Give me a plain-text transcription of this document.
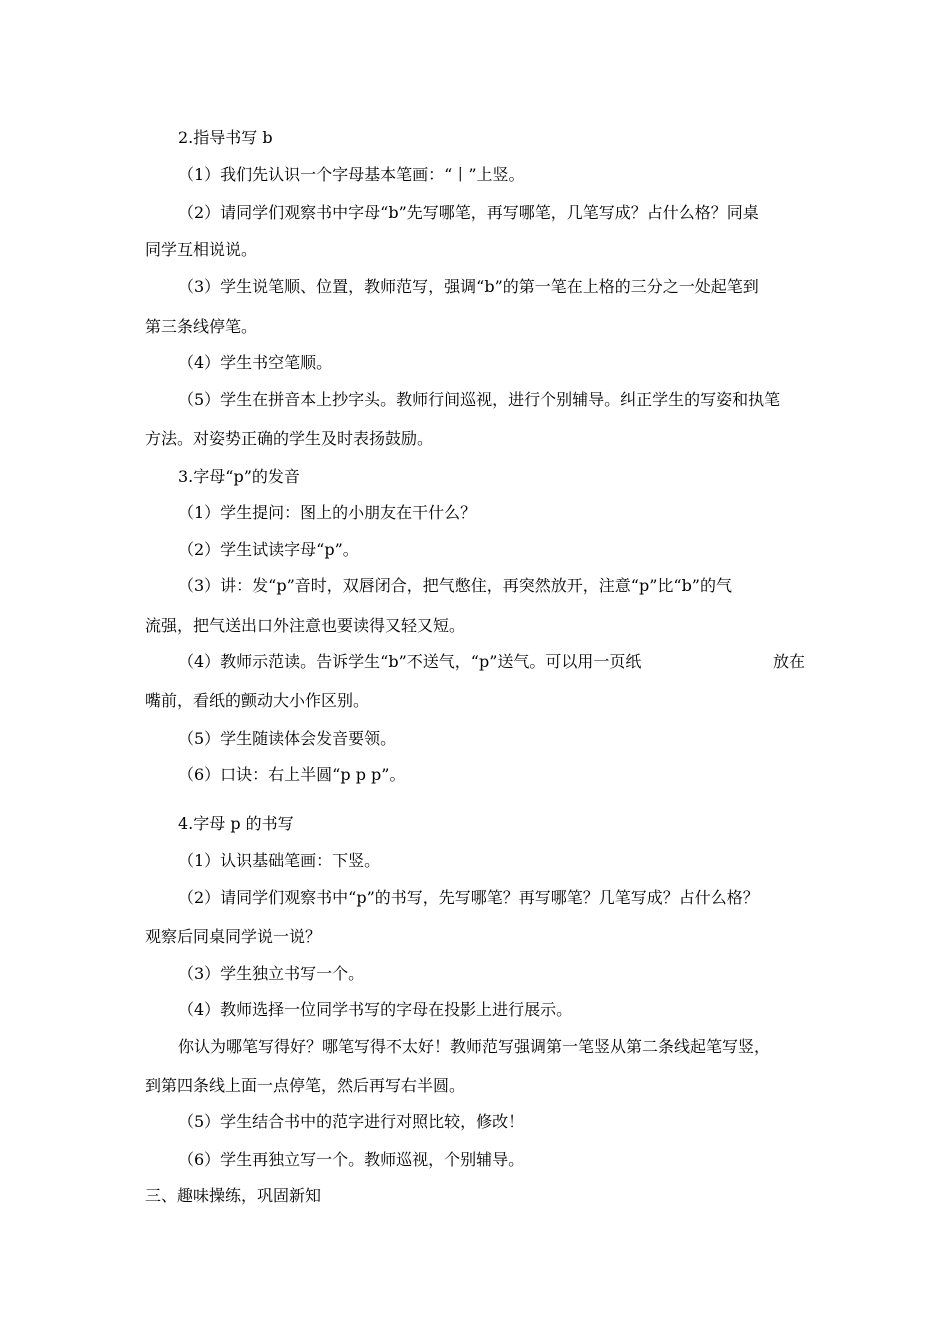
2.指导书写 b
（1）我们先认识一个字母基本笔画：“丨”上竖。
（2）请同学们观察书中字母“b”先写哪笔，再写哪笔，几笔写成？占什么格？同桌
同学互相说说。
（3）学生说笔顺、位置，教师范写，强调“b”的第一笔在上格的三分之一处起笔到
第三条线停笔。
（4）学生书空笔顺。
（5）学生在拼音本上抄字头。教师行间巡视，进行个别辅导。纠正学生的写姿和执笔
方法。对姿势正确的学生及时表扬鼓励。
3.字母“p”的发音
（1）学生提问：图上的小朋友在干什么？
（2）学生试读字母“p”。
（3）讲：发“p”音时，双唇闭合，把气憋住，再突然放开，注意“p”比“b”的气
流强，把气送出口外注意也要读得又轻又短。
（4）教师示范读。告诉学生“b”不送气，“p”送气。可以用一页纸	放在
嘴前，看纸的颤动大小作区别。
（5）学生随读体会发音要领。
（6）口诀：右上半圆“p p p”。
4.字母 p 的书写
（1）认识基础笔画：下竖。
（2）请同学们观察书中“p”的书写，先写哪笔？再写哪笔？几笔写成？占什么格？
观察后同桌同学说一说？
（3）学生独立书写一个。
（4）教师选择一位同学书写的字母在投影上进行展示。
你认为哪笔写得好？哪笔写得不太好！教师范写强调第一笔竖从第二条线起笔写竖，
到第四条线上面一点停笔，然后再写右半圆。
（5）学生结合书中的范字进行对照比较，修改！
（6）学生再独立写一个。教师巡视，个别辅导。
三、趣味操练，巩固新知
